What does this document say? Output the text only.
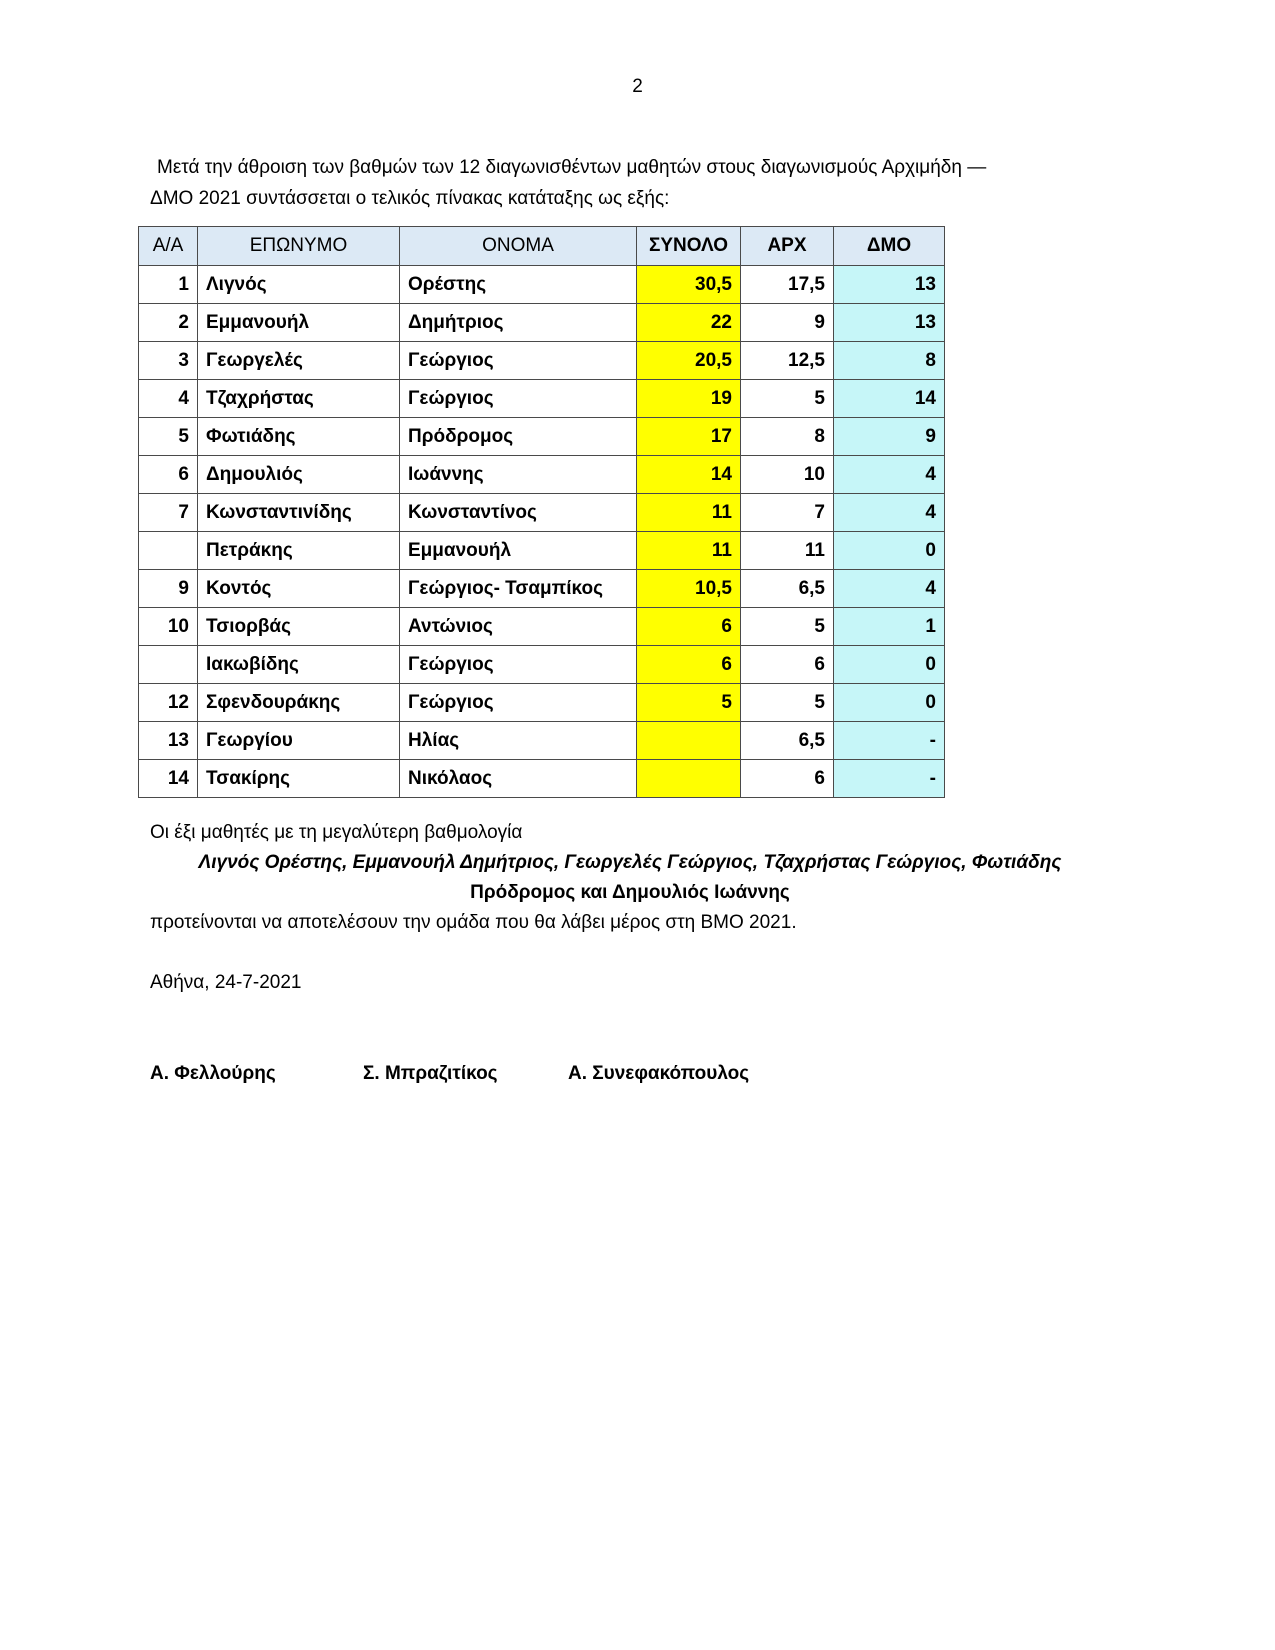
2
Μετά την άθροιση των βαθμών των 12 διαγωνισθέντων μαθητών στους διαγωνισμούς Αρχιμήδη —
ΔΜΟ 2021 συντάσσεται ο τελικός πίνακας κατάταξης ως εξής:
Α/Α	ΕΠΩΝΥΜΟ	ΟΝΟΜΑ	ΣΥΝΟΛΟ	ΑΡΧ	ΔΜΟ
1	Λιγνός	Ορέστης	30,5	17,5	13
2	Εμμανουήλ	Δημήτριος	22	9	13
3	Γεωργελές	Γεώργιος	20,5	12,5	8
4	Τζαχρήστας	Γεώργιος	19	5	14
5	Φωτιάδης	Πρόδρομος	17	8	9
6	Δημουλιός	Ιωάννης	14	10	4
7	Κωνσταντινίδης	Κωνσταντίνος	11	7	4
	Πετράκης	Εμμανουήλ	11	11	0
9	Κοντός	Γεώργιος- Τσαμπίκος	10,5	6,5	4
10	Τσιορβάς	Αντώνιος	6	5	1
	Ιακωβίδης	Γεώργιος	6	6	0
12	Σφενδουράκης	Γεώργιος	5	5	0
13	Γεωργίου	Ηλίας		6,5	-
14	Τσακίρης	Νικόλαος		6	-
Οι έξι μαθητές με τη μεγαλύτερη βαθμολογία
Λιγνός Ορέστης, Εμμανουήλ Δημήτριος, Γεωργελές Γεώργιος, Τζαχρήστας Γεώργιος, Φωτιάδης
Πρόδρομος και Δημουλιός Ιωάννης
προτείνονται να αποτελέσουν την ομάδα που θα λάβει μέρος στη ΒΜΟ 2021.
Αθήνα, 24-7-2021
Α. Φελλούρης	Σ. Μπραζιτίκος	Α. Συνεφακόπουλος
